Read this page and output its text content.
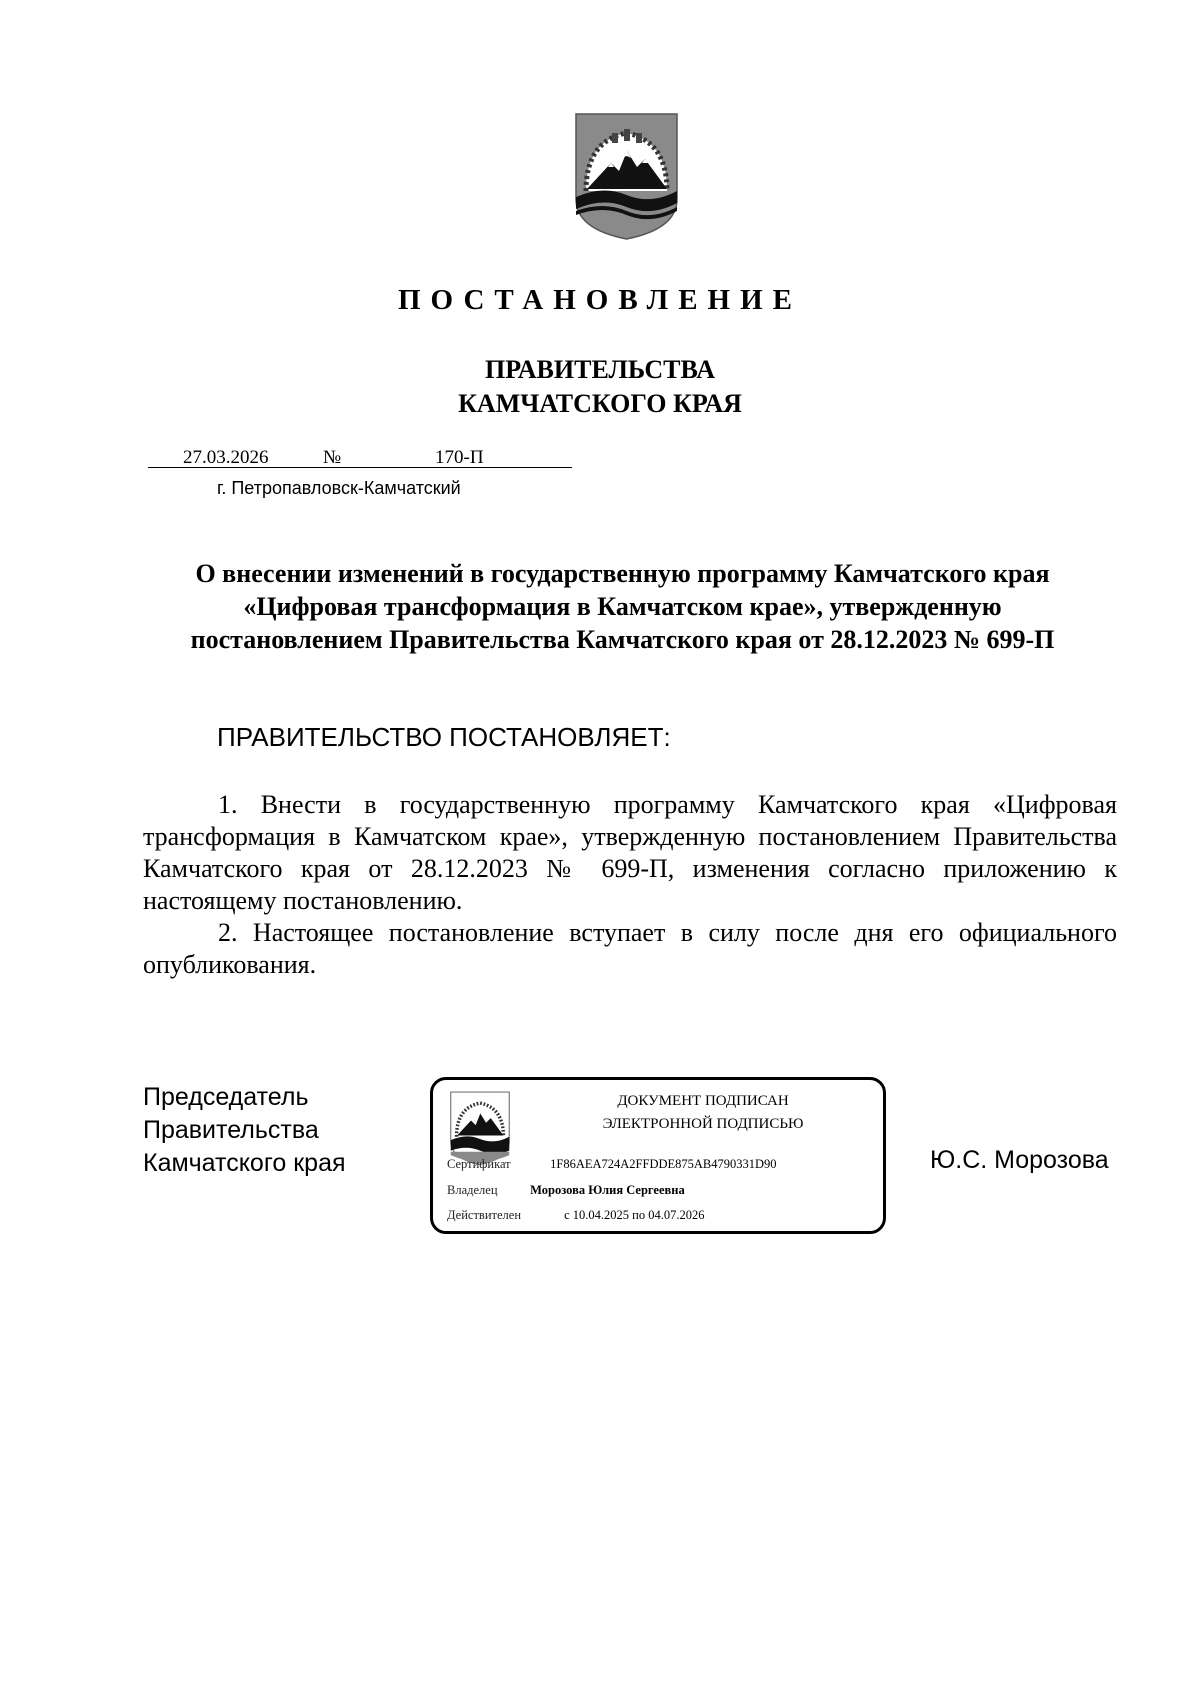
ПОСТАНОВЛЕНИЕ
ПРАВИТЕЛЬСТВА
КАМЧАТСКОГО КРАЯ
27.03.2026	№	170-П
г. Петропавловск-Камчатский
О внесении изменений в государственную программу Камчатского края
«Цифровая трансформация в Камчатском крае», утвержденную
постановлением Правительства Камчатского края от 28.12.2023 № 699-П
ПРАВИТЕЛЬСТВО ПОСТАНОВЛЯЕТ:

1. Внести в государственную программу Камчатского края «Цифровая трансформация в Камчатском крае», утвержденную постановлением Правительства Камчатского края от 28.12.2023 № 699-П, изменения согласно приложению к настоящему постановлению.

2. Настоящее постановление вступает в силу после дня его официального опубликования.

Председатель
Правительства
Камчатского края
ДОКУМЕНТ ПОДПИСАН
ЭЛЕКТРОННОЙ ПОДПИСЬЮ
Сертификат	1F86AEA724A2FFDDE875AB4790331D90
Владелец	Морозова Юлия Сергеевна
Действителен	с 10.04.2025 по 04.07.2026
Ю.С. Морозова
